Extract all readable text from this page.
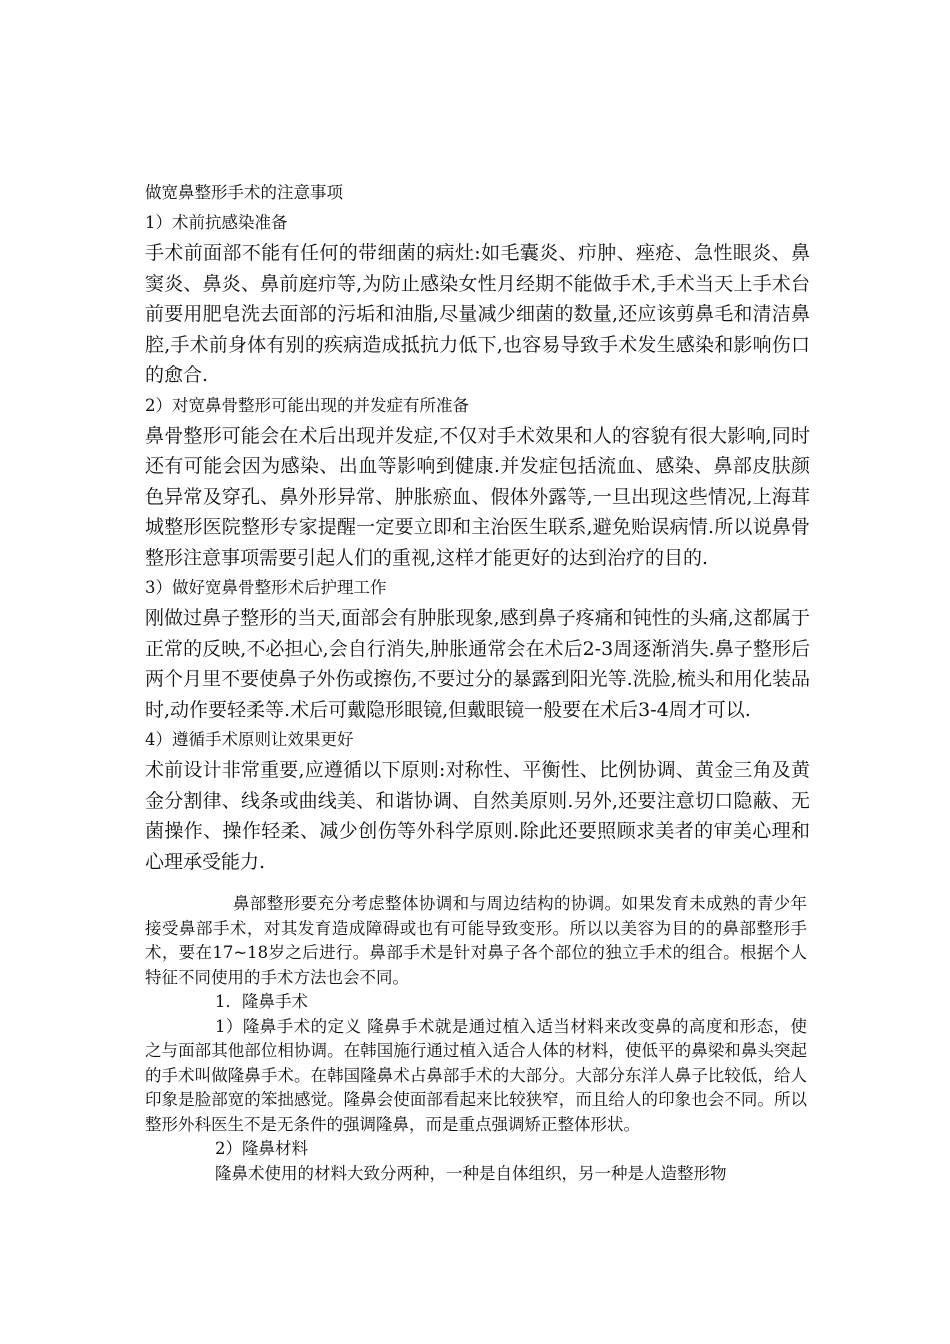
做宽鼻整形手术的注意事项
1）术前抗感染准备
手术前面部不能有任何的带细菌的病灶:如毛囊炎、疖肿、痤疮、急性眼炎、鼻窦炎、鼻炎、鼻前庭疖等,为防止感染女性月经期不能做手术,手术当天上手术台前要用肥皂洗去面部的污垢和油脂,尽量减少细菌的数量,还应该剪鼻毛和清洁鼻腔,手术前身体有别的疾病造成抵抗力低下,也容易导致手术发生感染和影响伤口的愈合.
2）对宽鼻骨整形可能出现的并发症有所准备
鼻骨整形可能会在术后出现并发症,不仅对手术效果和人的容貌有很大影响,同时还有可能会因为感染、出血等影响到健康.并发症包括流血、感染、鼻部皮肤颜色异常及穿孔、鼻外形异常、肿胀瘀血、假体外露等,一旦出现这些情况,上海茸城整形医院整形专家提醒一定要立即和主治医生联系,避免贻误病情.所以说鼻骨整形注意事项需要引起人们的重视,这样才能更好的达到治疗的目的.
3）做好宽鼻骨整形术后护理工作
刚做过鼻子整形的当天,面部会有肿胀现象,感到鼻子疼痛和钝性的头痛,这都属于正常的反映,不必担心,会自行消失,肿胀通常会在术后2-3周逐渐消失.鼻子整形后两个月里不要使鼻子外伤或擦伤,不要过分的暴露到阳光等.洗脸,梳头和用化装品时,动作要轻柔等.术后可戴隐形眼镜,但戴眼镜一般要在术后3-4周才可以.
4）遵循手术原则让效果更好
术前设计非常重要,应遵循以下原则:对称性、平衡性、比例协调、黄金三角及黄金分割律、线条或曲线美、和谐协调、自然美原则.另外,还要注意切口隐蔽、无菌操作、操作轻柔、减少创伤等外科学原则.除此还要照顾求美者的审美心理和心理承受能力.

鼻部整形要充分考虑整体协调和与周边结构的协调。如果发育未成熟的青少年接受鼻部手术，对其发育造成障碍或也有可能导致变形。所以以美容为目的的鼻部整形手术，要在17~18岁之后进行。鼻部手术是针对鼻子各个部位的独立手术的组合。根据个人特征不同使用的手术方法也会不同。

1．隆鼻手术

1）隆鼻手术的定义 隆鼻手术就是通过植入适当材料来改变鼻的高度和形态，使之与面部其他部位相协调。在韩国施行通过植入适合人体的材料，使低平的鼻梁和鼻头突起的手术叫做隆鼻手术。在韩国隆鼻术占鼻部手术的大部分。大部分东洋人鼻子比较低，给人印象是脸部宽的笨拙感觉。隆鼻会使面部看起来比较狭窄，而且给人的印象也会不同。所以整形外科医生不是无条件的强调隆鼻，而是重点强调矫正整体形状。

2）隆鼻材料

隆鼻术使用的材料大致分两种，一种是自体组织，另一种是人造整形物
